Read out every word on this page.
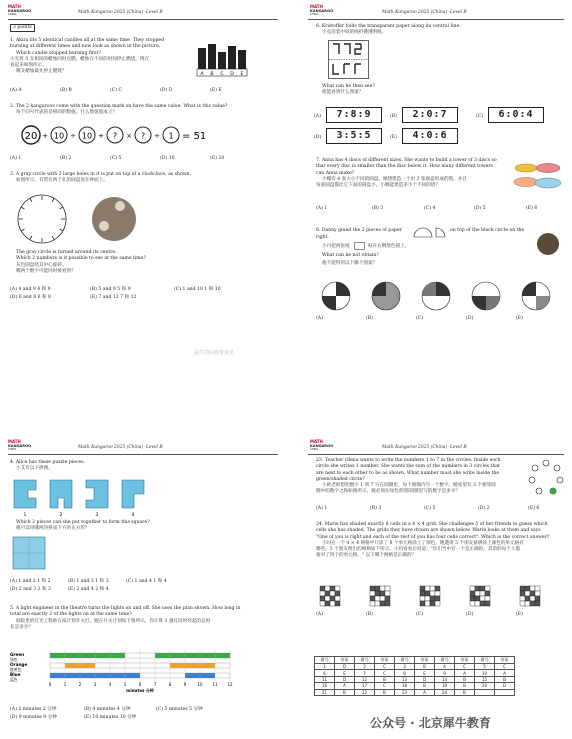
MATH
KANGAROO
CHINA	Math Kangaroo 2025 (China) -Level B
3 points
1. Akira lits 5 identical candles all at the same time. They stopped
burning at different times and now look as shown in the picture.
Which candle stopped burning first?
小光将 5 支相同的蜡烛同时点燃。蜡烛在不同的时间停止燃烧。现在
看起来如图所示。
哪支蜡烛最先停止燃烧？
A B C D E
(A) A	(B) B	(C) C	(D) D	(E) E
2. The 2 kangaroos come with the question mark on have the same value. What is this value?
每个问号代表的是相同的数值。什么数值能成立？
20 + 10 ÷ 10 + ? × ? ÷ 1 = 51
(A) 1	(B) 2	(C) 5	(D) 10	(E) 20
3. A gray circle with 2 large holes in it is put on top of a clock-face, as shown.
如图所示，有带有两个孔的圆盘放在钟面上。
The gray circle is turned around its centre.
Which 2 numbers is it possible to see at the same time?
灰色圆盘绕其中心旋转。
哪两个数字可能同时被看到？
(A) 4 and 9 4 和 9	(B) 5 and 9 5 和 9	(C) 1 and 10 1 和 10
(D) 6 and 8 6 和 8	(E) 7 and 12 7 和 12
晶牛国际教育资讯
MATH
KANGAROO
CHINA	Math Kangaroo 2025 (China) -Level B
6. Kristoffer folds the transparent paper along its central line.
小克沿着中间的线折叠透明纸。
What can he then see?
他能看到什么图案？
(A)	7:8:9	(B)	2:0:7	(C)	6:0:4
(D)	3:5:5	(E)	4:0:6
7. Anna has 4 discs of different sizes. She wants to build a tower of 3 discs so
that every disc is smaller than the disc below it. How many different towers
can Anna make?
小娜有 4 张大小不同的圆盘。她想建造一个由 3 张圆盘组成的塔，并且
每张圆盘都比它下面的圆盘小。小娜能建造多少个不同的塔？
(A) 1	(B) 3	(C) 4	(D) 5	(E) 6
8. Danny glued the 2 pieces of paper	on top of the black circle on the
right.
小丹把两张纸	贴在右侧黑色圆上。
What can he not obtain?
他不能得到以下哪个图案？
(A)	(B)	(C)	(D)	(E)
MATH
KANGAROO
CHINA	Math Kangaroo 2025 (China) -Level B
4. Alice has these puzzle pieces.
小艾有以下拼图。
1	2	3	4
Which 2 pieces can she put together to form this square?
她可以用哪两块拼成下方的正方形？
(A) 1 and 2 1 和 2	(B) 1 and 3 1 和 3	(C) 1 and 4 1 和 4
(D) 2 and 3 2 和 3	(E) 2 and 4 2 和 4
5. A light engineer in the theatre turns the lights on and off. She uses the plan shown. How long in
total are exactly 2 of the lights on at the same time?
剧院里的灯光工程师在按计划开关灯。她在开关计划如下图所示。你计算 2 盏灯同时亮起的总时
长是多少？
Green
绿色
Orange
橙黄色
Blue
蓝色
0	1	2	3	4	5	6	7	8	9	10 11 12
minutes 分钟
(A) 2 minutes 2 分钟	(B) 4 minutes 4 分钟	(C) 5 minutes 5 分钟
(D) 9 minutes 9 分钟	(E) 10 minutes 10 分钟
MATH
KANGAROO
CHINA	Math Kangaroo 2025 (China) -Level B
23. Teacher Olena wants to write the numbers 1 to 7 in the circles. Inside each
circle she writes 1 number. She wants the sum of the numbers in 3 circles that
are next to each other to be as shown. What number must she write inside the
green/shaded circle?
小欧老师想把数字 1 到 7 写在圆圈里，每个圆圈内写一个数字。她希望有 3 个相邻圆
圈中的数字之和如图所示。她必须在绿色/阴影圆圈里写的数字是多少？
(A) 1	(B) 3	(C) 5	(D) 2	(E) 6
24. Marie has shaded exactly 8 cells in a 4 × 4 grid. She challenges 5 of her friends to guess which
cells she has shaded. The grids they have drawn are shown below. Marie looks at them and says
"One of you is right and each of the rest of you has four cells correct". Which is the correct answer?
小玛在一个 4 × 4 网格中只涂了 8 个单元格涂上了颜色。她邀请 5 个朋友猜测涂上颜色的单元格有
哪些。5 个朋友给出的网格如下所示。小玛看看后说道："你们当中有一个是正确的，其余的每个人都
猜对了四个的单元格。" 以下哪个网格是正确的？
(A)	(B)	(C)	(D)	(E)
题号	答案	题号	答案	题号	答案	题号	答案	题号	答案
1	D	2	C	3	B	4	C	5	C
6	E	7	C	8	E	9	A	10	A
11	D	12	B	13	D	14	B	15	B
16	A	17	C	18	B	19	B	20	D
21	B	22	B	23	A	24	B		
公众号 · 北京犀牛教育
